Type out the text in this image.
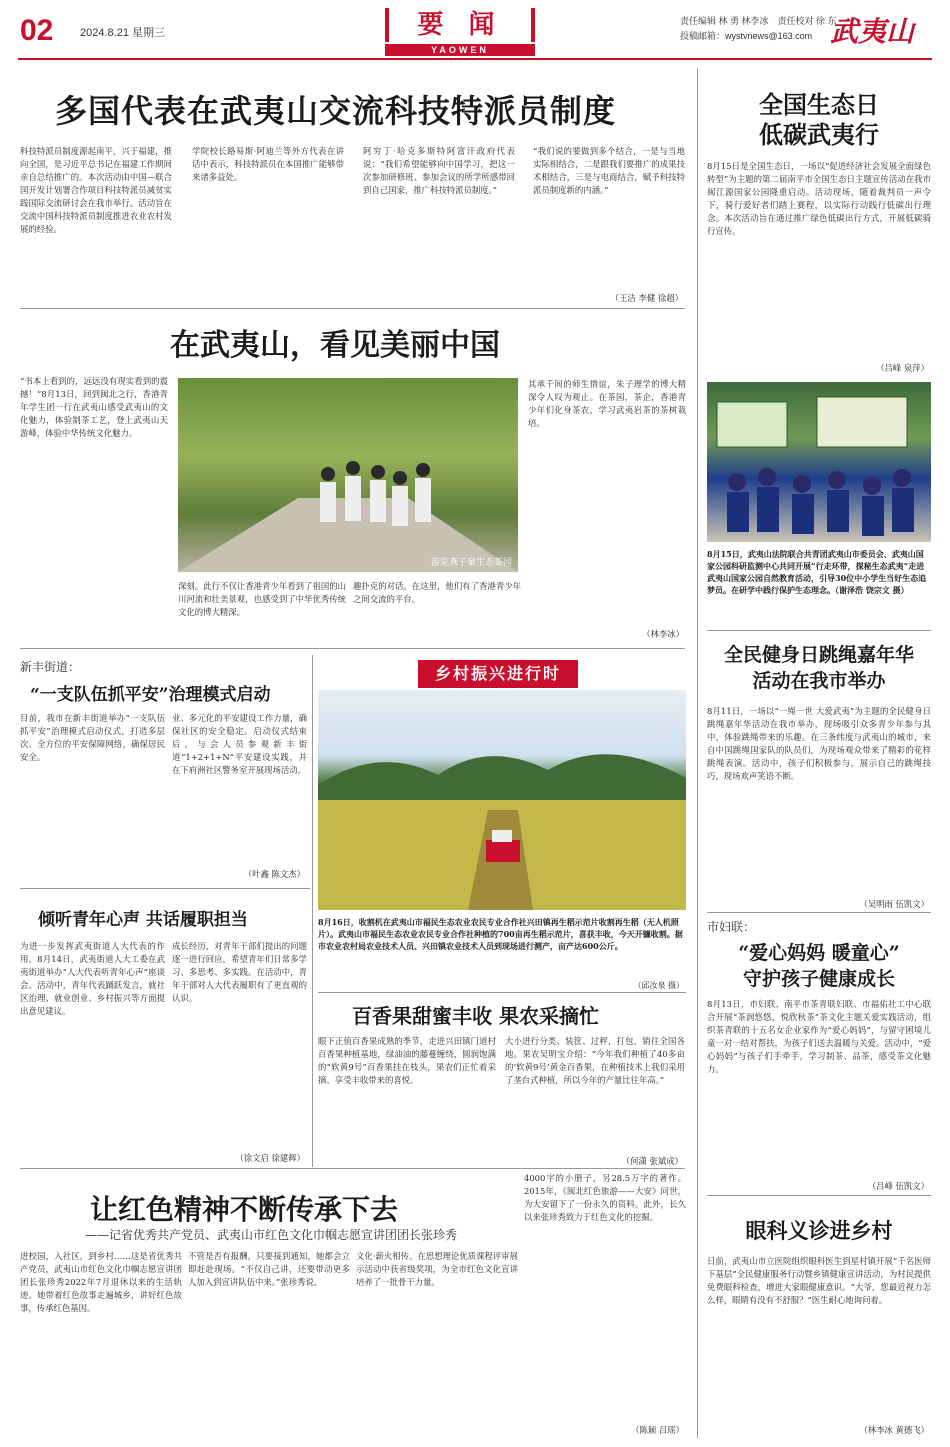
02 2024.8.21 星期三	要 闻
YAOWEN
责任编辑 林 勇 林李冰　责任校对 徐 东
投稿邮箱：wystvnews@163.com 武夷山
多国代表在武夷山交流科技特派员制度
科技特派员制度源起南平，兴于福建，推向全国，是习近平总书记在福建工作期间亲自总结推广的。本次活动由中国—联合国开发计划署合作项目科技特派员减贫实践国际交流研讨会在我市举行。活动旨在交流中国科技特派员制度推进农业农村发展的经验。
学院校长路易斯·阿迪兰等外方代表在讲话中表示，科技特派员在本国推广能够带来诸多益处。
阿穷丁·哈克多斯特阿富汗政府代表说：“我们希望能够向中国学习，把这一次参加研修班、参加会议的所学所感带回到自己国家，推广科技特派员制度。”
“我们说的要做到多个结合，一是与当地实际相结合，二是跟我们要推广的成果技术相结合，三是与电商结合，赋予科技特派员制度新的内涵。”
（王洁 李健 徐超）
全国生态日
低碳武夷行
8月15日是全国生态日，一场以“促进经济社会发展全面绿色转型”为主题的第二届南平市全国生态日主题宣传活动在我市闽江源国家公园隆重启动。活动现场，随着裁判员一声令下，骑行爱好者们踏上赛程，以实际行动践行低碳出行理念。本次活动旨在通过推广绿色低碳出行方式，开展低碳骑行宣传。
（吕峰 泉萍）
8月15日，武夷山法院联合共青团武夷山市委员会、武夷山国家公园科研监测中心共同开展“行走环带，探秘生态武夷”走进武夷山国家公园自然教育活动，引导30位中小学生当好生态追梦员。在研学中践行保护生态理念。（谢泽浩 饶宗文 摄）
在武夷山，看见美丽中国
“书本上看到的，远远没有现实看到的震撼！”8月13日，回到闽北之行，香港青年学生团一行在武夷山感受武夷山的文化魅力，体验制茶工艺，登上武夷山天游峰，体验中华传统文化魅力。
游览燕子窠生态茶园
深刻。此行不仅让香港青少年看到了祖国的山川河流和壮美景观，也感受到了中华优秀传统文化的博大精深。
趣扑克的对话。在这里，他们有了香港青少年之间交流的平台。
其承千间的师生情谊，朱子理学的博大精深令人叹为观止。在茶园，茶企，香港青少年们化身茶农，学习武夷岩茶的茶树栽培。
（林李冰）
新丰街道：
“一支队伍抓平安”治理模式启动
目前，我市在新丰街道举办“一支队伍抓平安”治理模式启动仪式，打造多层次、全方位的平安保障网络，确保居民安全。
业、多元化的平安建设工作力量，确保社区的安全稳定。启动仪式结束后，与会人员参观新丰街道“1+2+1+N”平安建设实践，并在下府洲社区警务室开展现场活动。
（叶鑫 陈文杰）
倾听青年心声 共话履职担当
为进一步发挥武夷街道人大代表的作用，8月14日，武夷街道人大工委在武夷街道举办“人大代表听青年心声”座谈会。活动中，青年代表踊跃发言，就社区治理、就业创业、乡村振兴等方面提出意见建议。
成长经历，对青年干部们提出的问题逐一进行回应，希望青年们日常多学习、多思考、多实践。在活动中，青年干部对人大代表履职有了更直观的认识。
（徐文启 徐建辉）
乡村振兴进行时
8月16日，收割机在武夷山市福民生态农业农民专业合作社兴田镇再生稻示范片收割再生稻（无人机照片）。武夷山市福民生态农业农民专业合作社种植的700亩再生稻示范片，喜获丰收，今天开镰收割。据市农业农村局农业技术人员、兴田镇农业技术人员到现场进行测产，亩产达600公斤。
（邱汝泉 摄）
百香果甜蜜丰收 果农采摘忙
眼下正值百香果成熟的季节，走进兴田镇门道村百香果种植基地，绿油油的藤蔓缠绕，圆润饱满的“软黄9号”百香果挂在枝头，果农们正忙着采摘、享受丰收带来的喜悦。
大小进行分类、装筐、过秤，打包，销往全国各地。果农吴明宝介绍：“今年我们种植了40多亩的‘软黄9号’黄金百香果，在种植技术上我们采用了垄台式种植，所以今年的产量比往年高。”
（何潇 张斌成）
全民健身日跳绳嘉年华
活动在我市举办
8月11日，一场以“一绳一世 大爱武夷”为主题的全民健身日跳绳嘉年华活动在我市举办，现场吸引众多青少年参与其中，体验跳绳带来的乐趣。在三条纬度与武夷山的城市，来自中国跳绳国家队的队员们，为现场观众带来了精彩的花样跳绳表演。活动中，孩子们积极参与，展示自己的跳绳技巧，现场欢声笑语不断。
（吴明雨 伍凯文）
市妇联：
“爱心妈妈 暖童心”
守护孩子健康成长
8月13日，市妇联、南平市茶青联妇联、市福佑社工中心联合开展“茶润悠悠，悦欣秋茶”茶文化主题关爱实践活动，组织茶青联的十五名女企业家作为“爱心妈妈”，与留守困境儿童一对一结对帮扶，为孩子们送去温暖与关爱。活动中，“爱心妈妈”与孩子们手牵手，学习制茶、品茶，感受茶文化魅力。
（吕峰 伍凯文）
让红色精神不断传承下去
——记省优秀共产党员、武夷山市红色文化巾帼志愿宣讲团团长张珍秀
进校园，入社区，到乡村……这是省优秀共产党员，武夷山市红色文化巾帼志愿宣讲团团长张珍秀2022年7月退休以来的生活轨迹。她带着红色故事走遍城乡，讲好红色故事，传承红色基因。
不管是否有报酬，只要接到通知，她都会立即赶赴现场。“不仅自己讲，还要带动更多人加入到宣讲队伍中来。”张珍秀说。
文化·薪火相传。在思想理论优质课程评审展示活动中获省级奖项，为全市红色文化宣讲培养了一批骨干力量。
4000字的小册子，另28.5万字的著作。2015年，《闽北红色旅游——大安》问世，为大安留下了一份永久的资料。此外，长久以来张珍秀致力于红色文化的挖掘。
（陈颖 吕瑶）
眼科义诊进乡村
日前，武夷山市立医院组织眼科医生到星村镇开展“千名医师下基层”全民健康服务行动暨乡镇健康宣讲活动，为村民提供免费眼科检查，增进大家眼健康意识。“大爷，您最近视力怎么样，眼睛有没有不舒服？”医生耐心地询问着。
（林李冰 黄德飞）
